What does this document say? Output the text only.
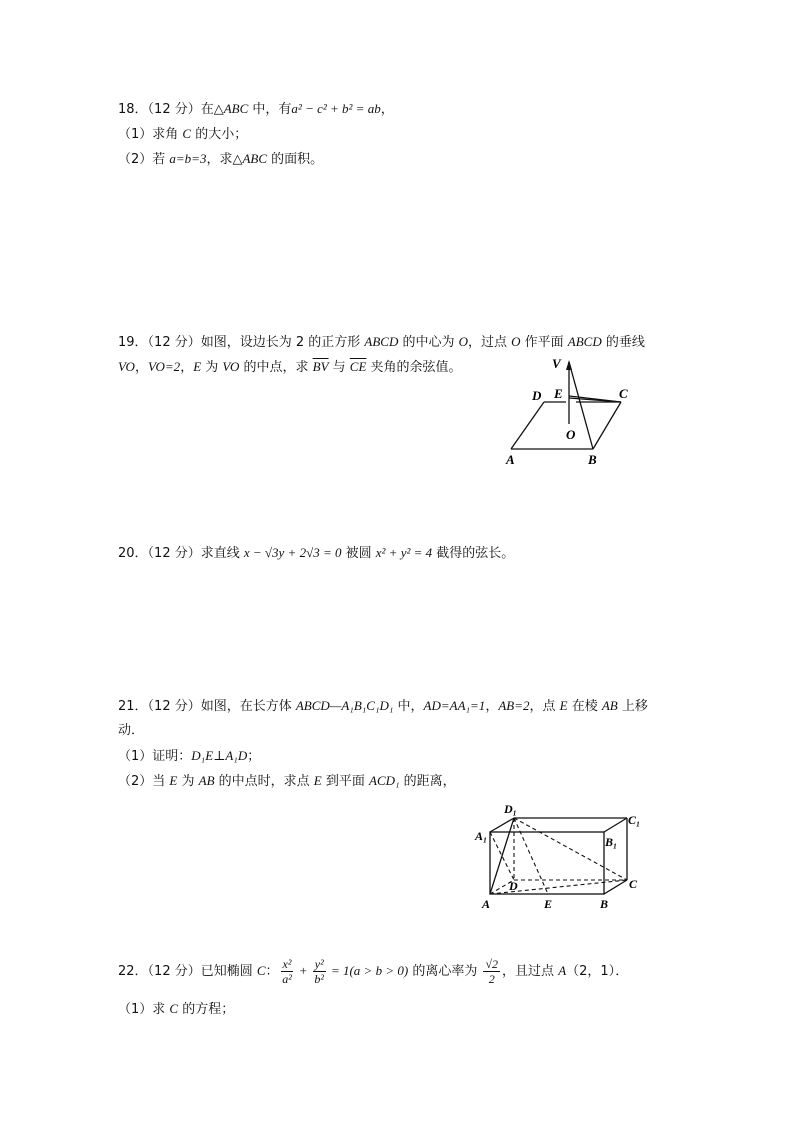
18．（12 分）在△ABC 中，有a² − c² + b² = ab，
（1）求角 C 的大小；
（2）若 a=b=3，求△ABC 的面积。
19．（12 分）如图，设边长为 2 的正方形 ABCD 的中心为 O，过点 O 作平面 ABCD 的垂线
VO，VO=2，E 为 VO 的中点，求 $\overline{BV}$ 与 $\overline{CE}$ 夹角的余弦值。	V
D E	C
O
A	B
20．（12 分）求直线 x − √3y + 2√3 = 0 被圆 x² + y² = 4 截得的弦长。
21．（12 分）如图，在长方体 ABCD—A₁B₁C₁D₁ 中，AD=AA₁=1，AB=2，点 E 在棱 AB 上移
动．
（1）证明：D₁E⊥A₁D；
（2）当 E 为 AB 的中点时，求点 E 到平面 ACD₁ 的距离，
D₁
C₁
A₁	B₁
D	C
A	E	B
22．（12 分）已知椭圆 C： $\frac{\text{x²}}{\text{a²}} + \frac{\text{y²}}{\text{b²}} = 1(a > b > 0)$ 的离心率为 $\frac{√2}{2}$ ，且过点 A（2，1）．
（1）求 C 的方程；
